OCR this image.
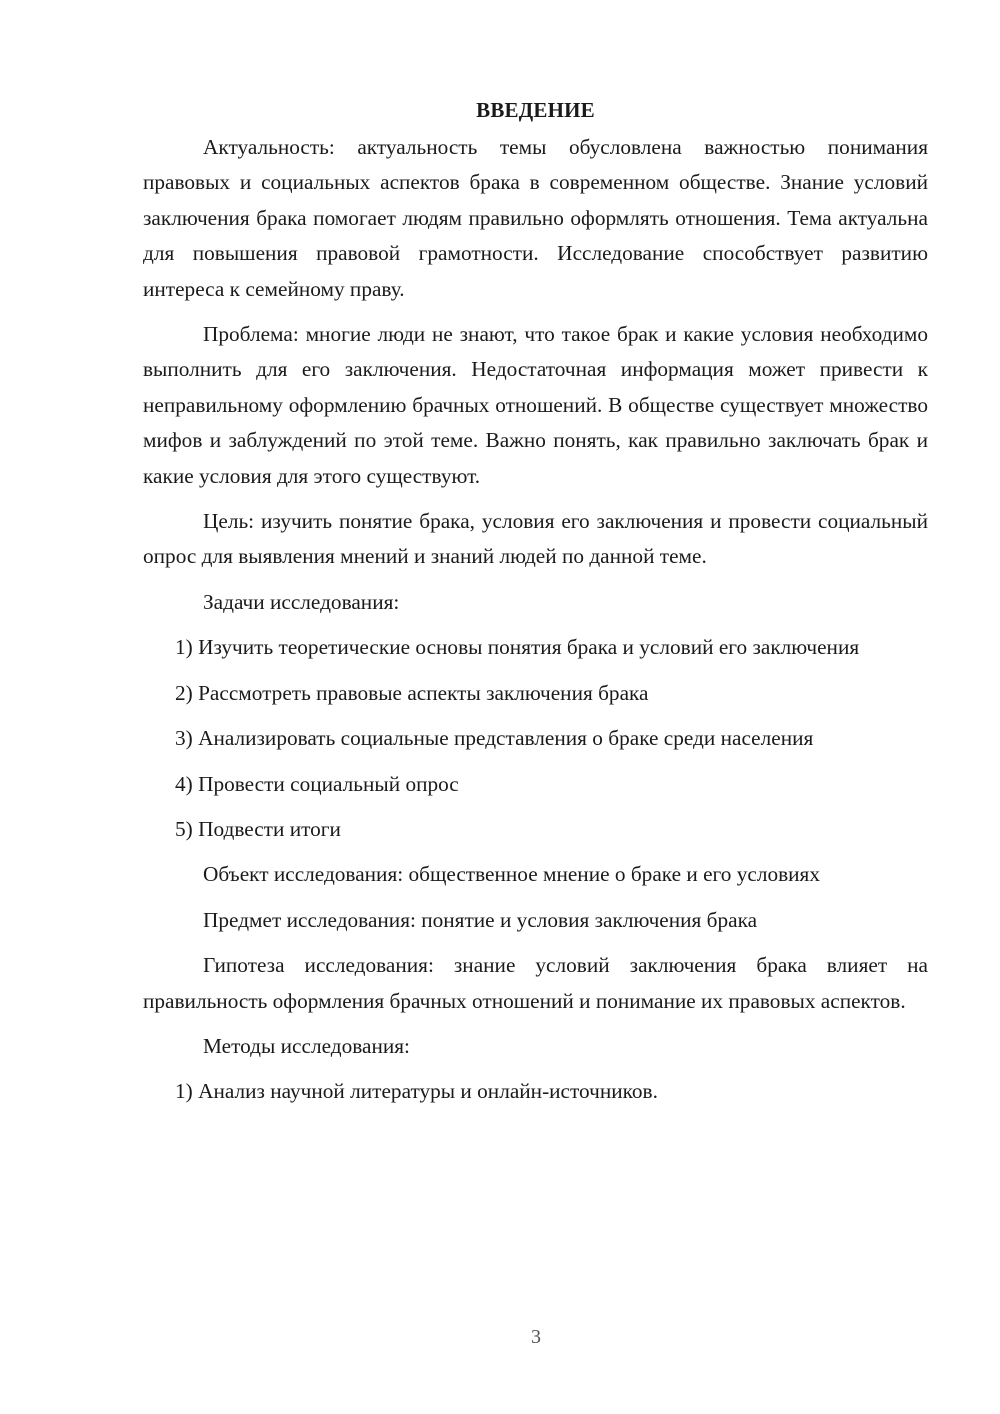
ВВЕДЕНИЕ

Актуальность: актуальность темы обусловлена важностью понимания правовых и социальных аспектов брака в современном обществе. Знание условий заключения брака помогает людям правильно оформлять отношения. Тема актуальна для повышения правовой грамотности. Исследование способствует развитию интереса к семейному праву.

Проблема: многие люди не знают, что такое брак и какие условия необходимо выполнить для его заключения. Недостаточная информация может привести к неправильному оформлению брачных отношений. В обществе существует множество мифов и заблуждений по этой теме. Важно понять, как правильно заключать брак и какие условия для этого существуют.

Цель: изучить понятие брака, условия его заключения и провести социальный опрос для выявления мнений и знаний людей по данной теме.

Задачи исследования:

1) Изучить теоретические основы понятия брака и условий его заключения

2) Рассмотреть правовые аспекты заключения брака

3) Анализировать социальные представления о браке среди населения

4) Провести социальный опрос

5) Подвести итоги

Объект исследования: общественное мнение о браке и его условиях

Предмет исследования: понятие и условия заключения брака

Гипотеза исследования: знание условий заключения брака влияет на правильность оформления брачных отношений и понимание их правовых аспектов.

Методы исследования:

1) Анализ научной литературы и онлайн-источников.

3
